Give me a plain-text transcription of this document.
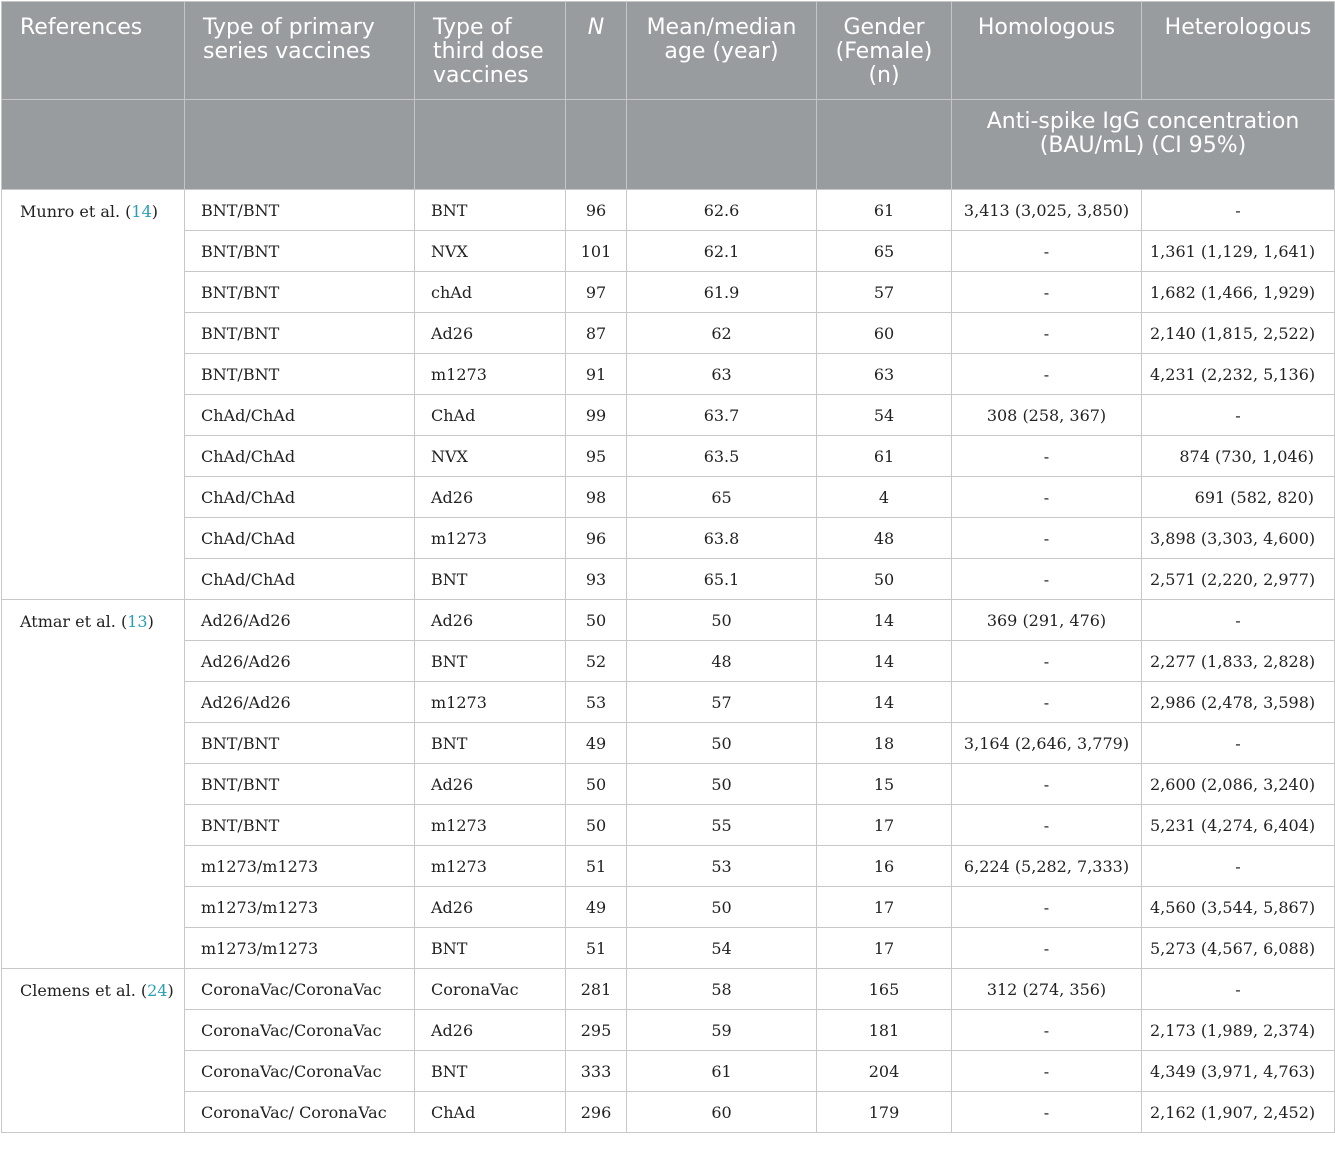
References	Type of primary series vaccines	Type of third dose vaccines	N	Mean/median age (year)	Gender (Female) (n)	Homologous	Heterologous
						Anti-spike IgG concentration (BAU/mL) (CI 95%)	
Munro et al. (14)	BNT/BNT	BNT	96	62.6	61	3,413 (3,025, 3,850)	-
	BNT/BNT	NVX	101	62.1	65	-	1,361 (1,129, 1,641)
	BNT/BNT	chAd	97	61.9	57	-	1,682 (1,466, 1,929)
	BNT/BNT	Ad26	87	62	60	-	2,140 (1,815, 2,522)
	BNT/BNT	m1273	91	63	63	-	4,231 (2,232, 5,136)
	ChAd/ChAd	ChAd	99	63.7	54	308 (258, 367)	-
	ChAd/ChAd	NVX	95	63.5	61	-	874 (730, 1,046)
	ChAd/ChAd	Ad26	98	65	4	-	691 (582, 820)
	ChAd/ChAd	m1273	96	63.8	48	-	3,898 (3,303, 4,600)
	ChAd/ChAd	BNT	93	65.1	50	-	2,571 (2,220, 2,977)
Atmar et al. (13)	Ad26/Ad26	Ad26	50	50	14	369 (291, 476)	-
	Ad26/Ad26	BNT	52	48	14	-	2,277 (1,833, 2,828)
	Ad26/Ad26	m1273	53	57	14	-	2,986 (2,478, 3,598)
	BNT/BNT	BNT	49	50	18	3,164 (2,646, 3,779)	-
	BNT/BNT	Ad26	50	50	15	-	2,600 (2,086, 3,240)
	BNT/BNT	m1273	50	55	17	-	5,231 (4,274, 6,404)
	m1273/m1273	m1273	51	53	16	6,224 (5,282, 7,333)	-
	m1273/m1273	Ad26	49	50	17	-	4,560 (3,544, 5,867)
	m1273/m1273	BNT	51	54	17	-	5,273 (4,567, 6,088)
Clemens et al. (24)	CoronaVac/CoronaVac	CoronaVac	281	58	165	312 (274, 356)	-
	CoronaVac/CoronaVac	Ad26	295	59	181	-	2,173 (1,989, 2,374)
	CoronaVac/CoronaVac	BNT	333	61	204	-	4,349 (3,971, 4,763)
	CoronaVac/ CoronaVac	ChAd	296	60	179	-	2,162 (1,907, 2,452)
